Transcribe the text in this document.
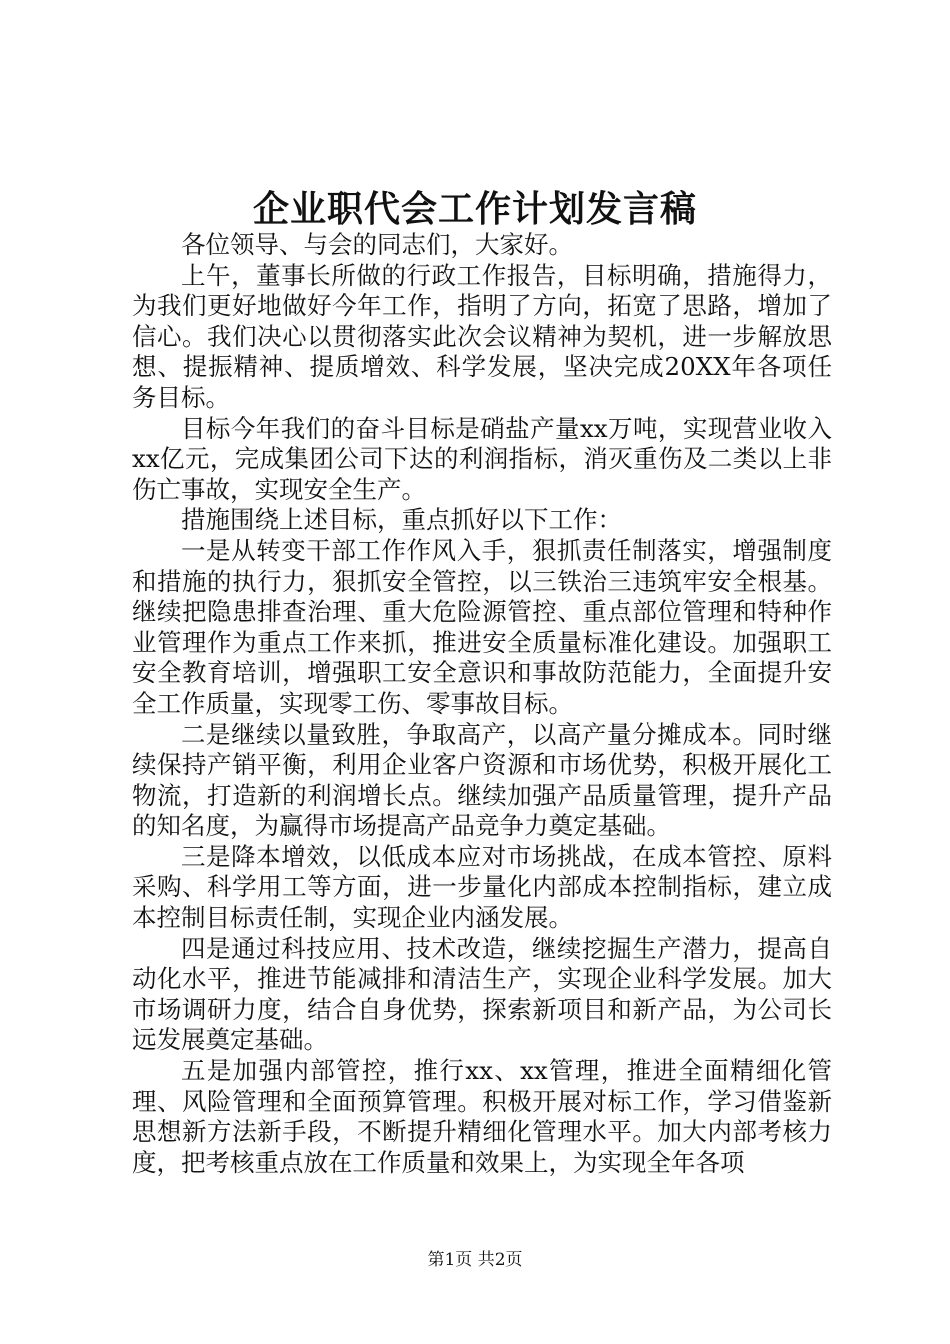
企业职代会工作计划发言稿

各位领导、与会的同志们，大家好。

上午，董事长所做的行政工作报告，目标明确，措施得力，为我们更好地做好今年工作，指明了方向，拓宽了思路，增加了信心。我们决心以贯彻落实此次会议精神为契机，进一步解放思想、提振精神、提质增效、科学发展，坚决完成20XX年各项任务目标。

目标今年我们的奋斗目标是硝盐产量xx万吨，实现营业收入xx亿元，完成集团公司下达的利润指标，消灭重伤及二类以上非伤亡事故，实现安全生产。

措施围绕上述目标，重点抓好以下工作：

一是从转变干部工作作风入手，狠抓责任制落实，增强制度和措施的执行力，狠抓安全管控，以三铁治三违筑牢安全根基。继续把隐患排查治理、重大危险源管控、重点部位管理和特种作业管理作为重点工作来抓，推进安全质量标准化建设。加强职工安全教育培训，增强职工安全意识和事故防范能力，全面提升安全工作质量，实现零工伤、零事故目标。

二是继续以量致胜，争取高产，以高产量分摊成本。同时继续保持产销平衡，利用企业客户资源和市场优势，积极开展化工物流，打造新的利润增长点。继续加强产品质量管理，提升产品的知名度，为赢得市场提高产品竞争力奠定基础。

三是降本增效，以低成本应对市场挑战，在成本管控、原料采购、科学用工等方面，进一步量化内部成本控制指标，建立成本控制目标责任制，实现企业内涵发展。

四是通过科技应用、技术改造，继续挖掘生产潜力，提高自动化水平，推进节能减排和清洁生产，实现企业科学发展。加大市场调研力度，结合自身优势，探索新项目和新产品，为公司长远发展奠定基础。

五是加强内部管控，推行xx、xx管理，推进全面精细化管理、风险管理和全面预算管理。积极开展对标工作，学习借鉴新思想新方法新手段，不断提升精细化管理水平。加大内部考核力度，把考核重点放在工作质量和效果上，为实现全年各项

第1页 共2页
